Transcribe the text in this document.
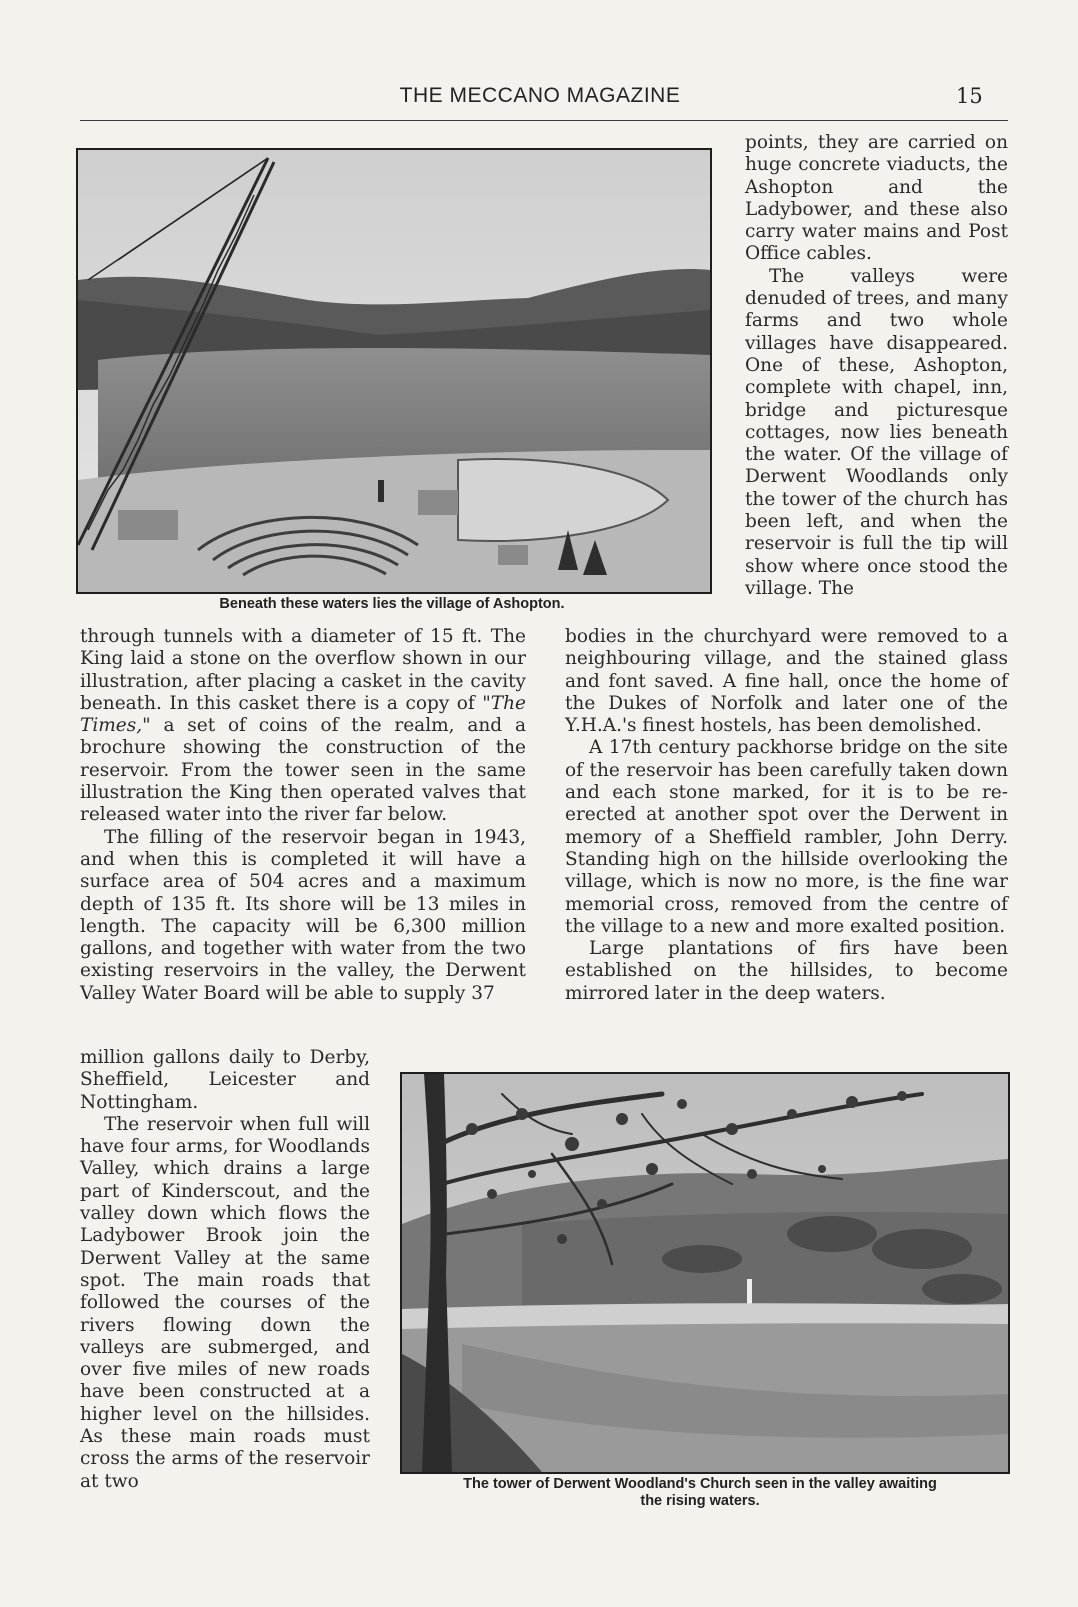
THE MECCANO MAGAZINE	15
Beneath these waters lies the village of Ashopton.

points, they are carried on huge concrete viaducts, the Ashopton and the Ladybower, and these also carry water mains and Post Office cables.

The valleys were denuded of trees, and many farms and two whole villages have disappeared. One of these, Ashopton, complete with chapel, inn, bridge and picturesque cottages, now lies beneath the water. Of the village of Derwent Woodlands only the tower of the church has been left, and when the reservoir is full the tip will show where once stood the village. The

through tunnels with a diameter of 15 ft. The King laid a stone on the overflow shown in our illustration, after placing a casket in the cavity beneath. In this casket there is a copy of "The Times," a set of coins of the realm, and a brochure showing the construction of the reservoir. From the tower seen in the same illustration the King then operated valves that released water into the river far below.

The filling of the reservoir began in 1943, and when this is completed it will have a surface area of 504 acres and a maximum depth of 135 ft. Its shore will be 13 miles in length. The capacity will be 6,300 million gallons, and together with water from the two existing reservoirs in the valley, the Derwent Valley Water Board will be able to supply 37

bodies in the churchyard were removed to a neighbouring village, and the stained glass and font saved. A fine hall, once the home of the Dukes of Norfolk and later one of the Y.H.A.'s finest hostels, has been demolished.

A 17th century packhorse bridge on the site of the reservoir has been carefully taken down and each stone marked, for it is to be re-erected at another spot over the Derwent in memory of a Sheffield rambler, John Derry. Standing high on the hillside overlooking the village, which is now no more, is the fine war memorial cross, removed from the centre of the village to a new and more exalted position.

Large plantations of firs have been established on the hillsides, to become mirrored later in the deep waters.

million gallons daily to Derby, Sheffield, Leicester and Nottingham.

The reservoir when full will have four arms, for Woodlands Valley, which drains a large part of Kinderscout, and the valley down which flows the Ladybower Brook join the Derwent Valley at the same spot. The main roads that followed the courses of the rivers flowing down the valleys are submerged, and over five miles of new roads have been constructed at a higher level on the hillsides. As these main roads must cross the arms of the reservoir at two	The tower of Derwent Woodland's Church seen in the valley awaiting
the rising waters.
